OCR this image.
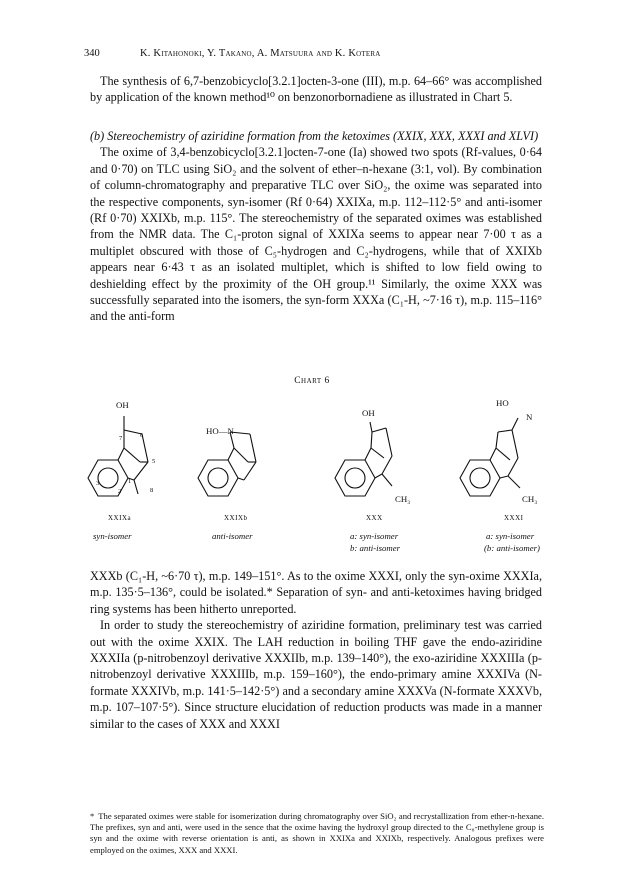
340	K. Kitahonoki, Y. Takano, A. Matsuura and K. Kotera

The synthesis of 6,7-benzobicyclo[3.2.1]octen-3-one (III), m.p. 64–66° was accomplished by application of the known method¹⁰ on benzonorbornadiene as illustrated in Chart 5.

(b) Stereochemistry of aziridine formation from the ketoximes (XXIX, XXX, XXXI and XLVI)

The oxime of 3,4-benzobicyclo[3.2.1]octen-7-one (Ia) showed two spots (Rf-values, 0·64 and 0·70) on TLC using SiO₂ and the solvent of ether–n-hexane (3:1, vol). By combination of column-chromatography and preparative TLC over SiO₂, the oxime was separated into the respective components, syn-isomer (Rf 0·64) XXIXa, m.p. 112–112·5° and anti-isomer (Rf 0·70) XXIXb, m.p. 115°. The stereochemistry of the separated oximes was established from the NMR data. The C₁-proton signal of XXIXa seems to appear near 7·00 τ as a multiplet obscured with those of C₅-hydrogen and C₂-hydrogens, while that of XXIXb appears near 6·43 τ as an isolated multiplet, which is shifted to low field owing to deshielding effect by the proximity of the OH group.¹¹ Similarly, the oxime XXX was successfully separated into the isomers, the syn-form XXXa (C₁-H, ~7·16 τ), m.p. 115–116° and the anti-form

Chart 6
OH
7	6
5
3
2
1
8
HO—N
OH
CH₃
HO
N
CH₃
XXIXa	XXIXb	XXX	XXXI
syn-isomer	anti-isomer	a: syn-isomer
b: anti-isomer
a: syn-isomer
(b: anti-isomer)

XXXb (C₁-H, ~6·70 τ), m.p. 149–151°. As to the oxime XXXI, only the syn-oxime XXXIa, m.p. 135·5–136°, could be isolated.* Separation of syn- and anti-ketoximes having bridged ring systems has been hitherto unreported.

In order to study the stereochemistry of aziridine formation, preliminary test was carried out with the oxime XXIX. The LAH reduction in boiling THF gave the endo-aziridine XXXIIa (p-nitrobenzoyl derivative XXXIIb, m.p. 139–140°), the exo-aziridine XXXIIIa (p-nitrobenzoyl derivative XXXIIIb, m.p. 159–160°), the endo-primary amine XXXIVa (N-formate XXXIVb, m.p. 141·5–142·5°) and a secondary amine XXXVa (N-formate XXXVb, m.p. 107–107·5°). Since structure elucidation of reduction products was made in a manner similar to the cases of XXX and XXXI

* The separated oximes were stable for isomerization during chromatography over SiO₂ and recrystallization from ether-n-hexane. The prefixes, syn and anti, were used in the sence that the oxime having the hydroxyl group directed to the C₈-methylene group is syn and the oxime with reverse orientation is anti, as shown in XXIXa and XXIXb, respectively. Analogous prefixes were employed on the oximes, XXX and XXXI.
